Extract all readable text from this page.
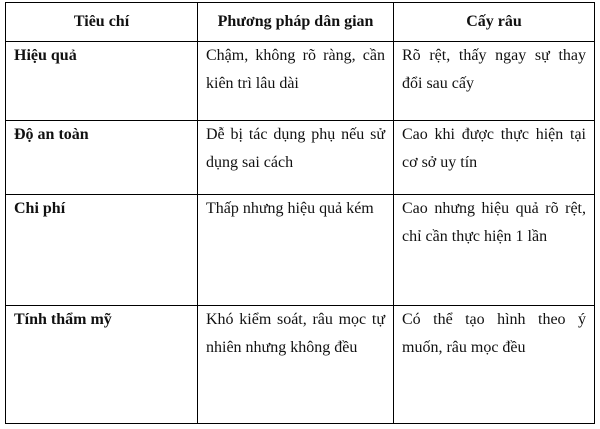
Tiêu chí	Phương pháp dân gian	Cấy râu
Hiệu quả	Chậm, không rõ ràng, cần kiên trì lâu dài	Rõ rệt, thấy ngay sự thay đổi sau cấy
Độ an toàn	Dễ bị tác dụng phụ nếu sử dụng sai cách	Cao khi được thực hiện tại cơ sở uy tín
Chi phí	Thấp nhưng hiệu quả kém	Cao nhưng hiệu quả rõ rệt, chỉ cần thực hiện 1 lần
Tính thẩm mỹ	Khó kiểm soát, râu mọc tự nhiên nhưng không đều	Có thể tạo hình theo ý muốn, râu mọc đều
